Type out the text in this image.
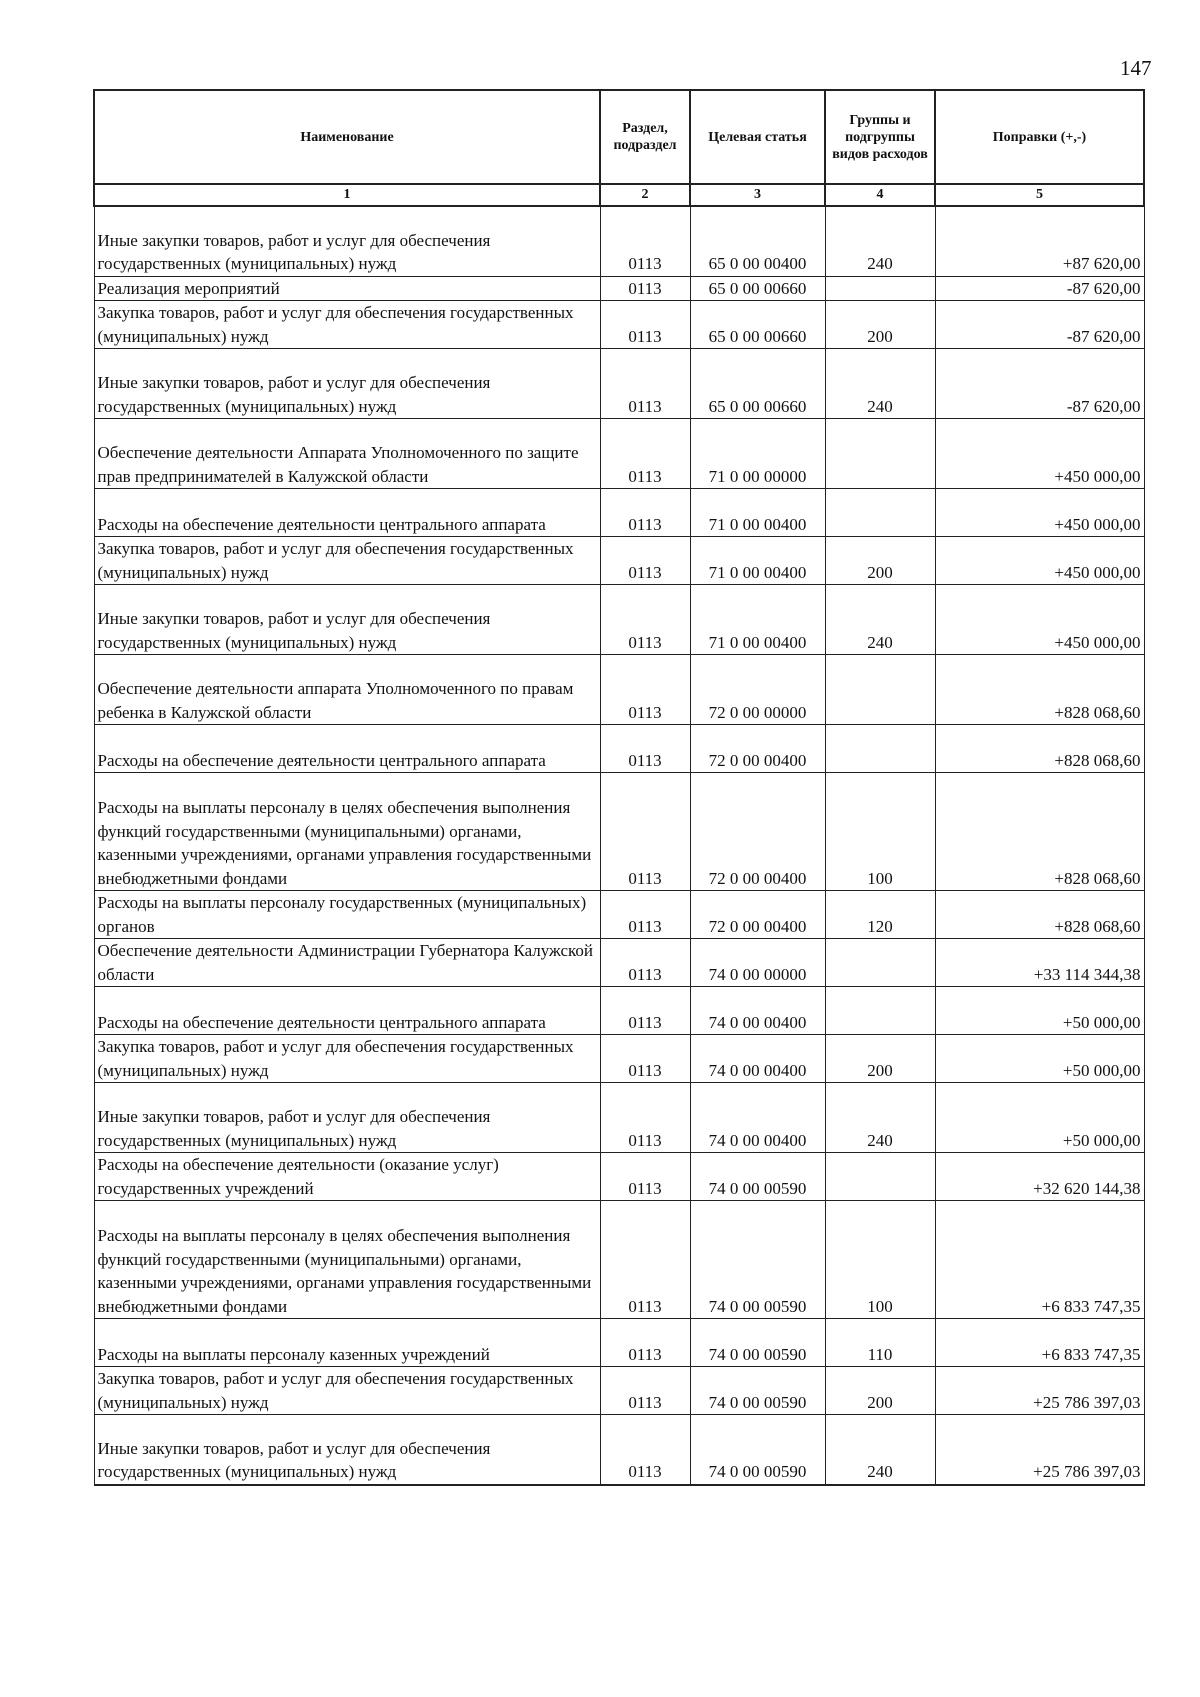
147
Наименование	Раздел, подраздел	Целевая статья	Группы и подгруппы видов расходов	Поправки (+,-)
1	2	3	4	5
Иные закупки товаров, работ и услуг для обеспечения государственных (муниципальных) нужд	0113	65 0 00 00400	240	+87 620,00
Реализация мероприятий	0113	65 0 00 00660		-87 620,00
Закупка товаров, работ и услуг для обеспечения государственных (муниципальных) нужд	0113	65 0 00 00660	200	-87 620,00
Иные закупки товаров, работ и услуг для обеспечения государственных (муниципальных) нужд	0113	65 0 00 00660	240	-87 620,00
Обеспечение деятельности Аппарата Уполномоченного по защите прав предпринимателей в Калужской области	0113	71 0 00 00000		+450 000,00
Расходы на обеспечение деятельности центрального аппарата	0113	71 0 00 00400		+450 000,00
Закупка товаров, работ и услуг для обеспечения государственных (муниципальных) нужд	0113	71 0 00 00400	200	+450 000,00
Иные закупки товаров, работ и услуг для обеспечения государственных (муниципальных) нужд	0113	71 0 00 00400	240	+450 000,00
Обеспечение деятельности аппарата Уполномоченного по правам ребенка в Калужской области	0113	72 0 00 00000		+828 068,60
Расходы на обеспечение деятельности центрального аппарата	0113	72 0 00 00400		+828 068,60
Расходы на выплаты персоналу в целях обеспечения выполнения функций государственными (муниципальными) органами, казенными учреждениями, органами управления государственными внебюджетными фондами	0113	72 0 00 00400	100	+828 068,60
Расходы на выплаты персоналу государственных (муниципальных) органов	0113	72 0 00 00400	120	+828 068,60
Обеспечение деятельности Администрации Губернатора Калужской области	0113	74 0 00 00000		+33 114 344,38
Расходы на обеспечение деятельности центрального аппарата	0113	74 0 00 00400		+50 000,00
Закупка товаров, работ и услуг для обеспечения государственных (муниципальных) нужд	0113	74 0 00 00400	200	+50 000,00
Иные закупки товаров, работ и услуг для обеспечения государственных (муниципальных) нужд	0113	74 0 00 00400	240	+50 000,00
Расходы на обеспечение деятельности (оказание услуг) государственных учреждений	0113	74 0 00 00590		+32 620 144,38
Расходы на выплаты персоналу в целях обеспечения выполнения функций государственными (муниципальными) органами, казенными учреждениями, органами управления государственными внебюджетными фондами	0113	74 0 00 00590	100	+6 833 747,35
Расходы на выплаты персоналу казенных учреждений	0113	74 0 00 00590	110	+6 833 747,35
Закупка товаров, работ и услуг для обеспечения государственных (муниципальных) нужд	0113	74 0 00 00590	200	+25 786 397,03
Иные закупки товаров, работ и услуг для обеспечения государственных (муниципальных) нужд	0113	74 0 00 00590	240	+25 786 397,03
